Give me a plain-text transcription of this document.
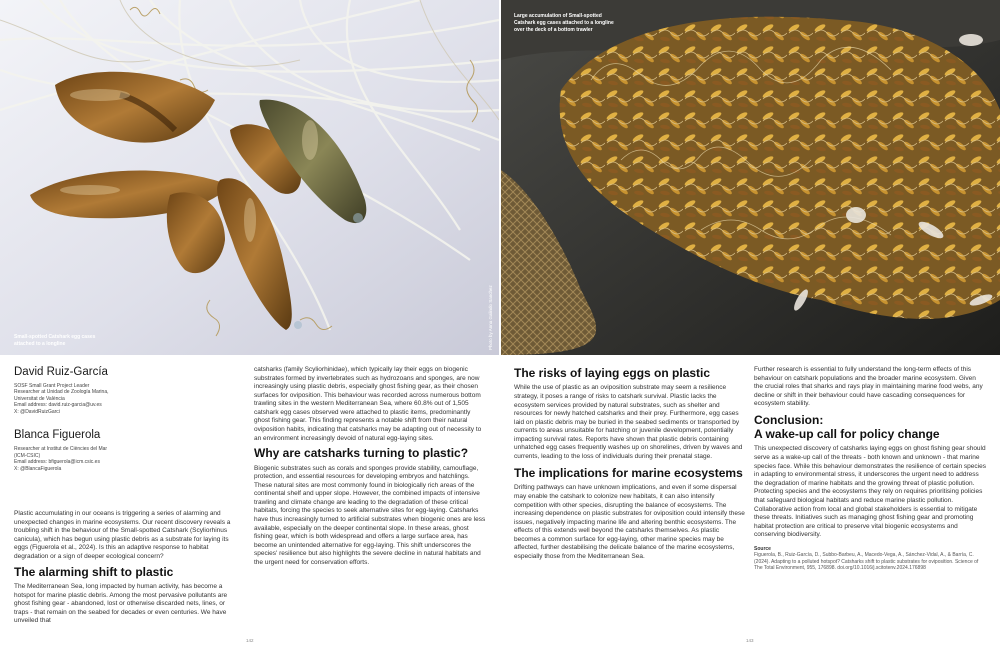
Small-spotted Catshark egg cases
attached to a longline	Photo by Anna Galindo Sanchez
Large accumulation of Small-spotted
Catshark egg cases attached to a longline
over the deck of a bottom trawler
David Ruiz-García
SOSF Small Grant Project Leader
Researcher at Unidad de Zoología Marina,
Universitat de València
Email address: david.ruiz-garcia@uv.es
X: @DavidRuizGarci
Blanca Figuerola
Researcher at Institut de Ciències del Mar
(ICM-CSIC)
Email address: bfiguerola@icm.csic.es
X: @BlancaFiguerola

Plastic accumulating in our oceans is triggering a series of alarming and unexpected changes in marine ecosystems. Our recent discovery reveals a troubling shift in the behaviour of the Small-spotted Catshark (Scyliorhinus canicula), which has begun using plastic debris as a substrate for laying its eggs (Figuerola et al., 2024). Is this an adaptive response to habitat degradation or a sign of deeper ecological concern?

The alarming shift to plastic

The Mediterranean Sea, long impacted by human activity, has become a hotspot for marine plastic debris. Among the most pervasive pollutants are ghost fishing gear - abandoned, lost or otherwise discarded nets, lines, or traps - that remain on the seabed for decades or even centuries. We have unveiled that

catsharks (family Scyliorhinidae), which typically lay their eggs on biogenic substrates formed by invertebrates such as hydrozoans and sponges, are now increasingly using plastic debris, especially ghost fishing gear, as their chosen surfaces for oviposition. This behaviour was recorded across numerous bottom trawling sites in the western Mediterranean Sea, where 60.8% out of 1,505 catshark egg cases observed were attached to plastic items, predominantly ghost fishing gear. This finding represents a notable shift from their natural oviposition habits, indicating that catsharks may be adapting out of necessity to an environment increasingly devoid of natural egg-laying sites.

Why are catsharks turning to plastic?

Biogenic substrates such as corals and sponges provide stability, camouflage, protection, and essential resources for developing embryos and hatchlings. These natural sites are most commonly found in biologically rich areas of the continental shelf and upper slope. However, the combined impacts of intensive trawling and climate change are leading to the degradation of these critical habitats, forcing the species to seek alternative sites for egg-laying. Catsharks have thus increasingly turned to artificial substrates when biogenic ones are less available, especially on the deeper continental slope. In these areas, ghost fishing gear, which is both widespread and offers a large surface area, has become an unintended alternative for egg-laying. This shift underscores the species' resilience but also highlights the severe decline in natural habitats and the urgent need for conservation efforts.

The risks of laying eggs on plastic

While the use of plastic as an oviposition substrate may seem a resilience strategy, it poses a range of risks to catshark survival. Plastic lacks the ecosystem services provided by natural substrates, such as shelter and resources for newly hatched catsharks and their prey. Furthermore, egg cases laid on plastic debris may be buried in the seabed sediments or transported by currents to areas unsuitable for hatching or juvenile development, potentially impacting survival rates. Reports have shown that plastic debris containing unhatched egg cases frequently washes up on shorelines, driven by waves and currents, leading to the loss of individuals during their prenatal stage.

The implications for marine ecosystems

Drifting pathways can have unknown implications, and even if some dispersal may enable the catshark to colonize new habitats, it can also intensify competition with other species, disrupting the balance of ecosystems. The increasing dependence on plastic substrates for oviposition could intensify these issues, negatively impacting marine life and altering benthic ecosystems. The effects of this extends well beyond the catsharks themselves. As plastic becomes a common surface for egg-laying, other marine species may be affected, further destabilising the delicate balance of the marine ecosystems, especially those from the Mediterranean Sea.

Further research is essential to fully understand the long-term effects of this behaviour on catshark populations and the broader marine ecosystem. Given the crucial roles that sharks and rays play in maintaining marine food webs, any decline or shift in their behaviour could have cascading consequences for ecosystem stability.

Conclusion:
A wake-up call for policy change

This unexpected discovery of catsharks laying eggs on ghost fishing gear should serve as a wake-up call of the threats - both known and unknown - that marine species face. While this behaviour demonstrates the resilience of certain species in adapting to environmental stress, it underscores the urgent need to address the degradation of marine habitats and the growing threat of plastic pollution. Protecting species and the ecosystems they rely on requires prioritising policies that safeguard biological habitats and reduce marine plastic pollution. Collaborative action from local and global stakeholders is essential to mitigate these threats. Initiatives such as managing ghost fishing gear and promoting habitat protection are critical to preserve vital biogenic ecosystems and conserving biodiversity.

Source
Figuerola, B., Ruiz-García, D., Subbo-Barbeu, A., Macedo-Vega, A., Sánchez-Vidal, A., & Barría, C. (2024). Adapting to a polluted hotspot? Catsharks shift to plastic substrates for oviposition. Science of The Total Environment, 955, 176898. doi.org/10.1016/j.scitotenv.2024.176898
142	143
